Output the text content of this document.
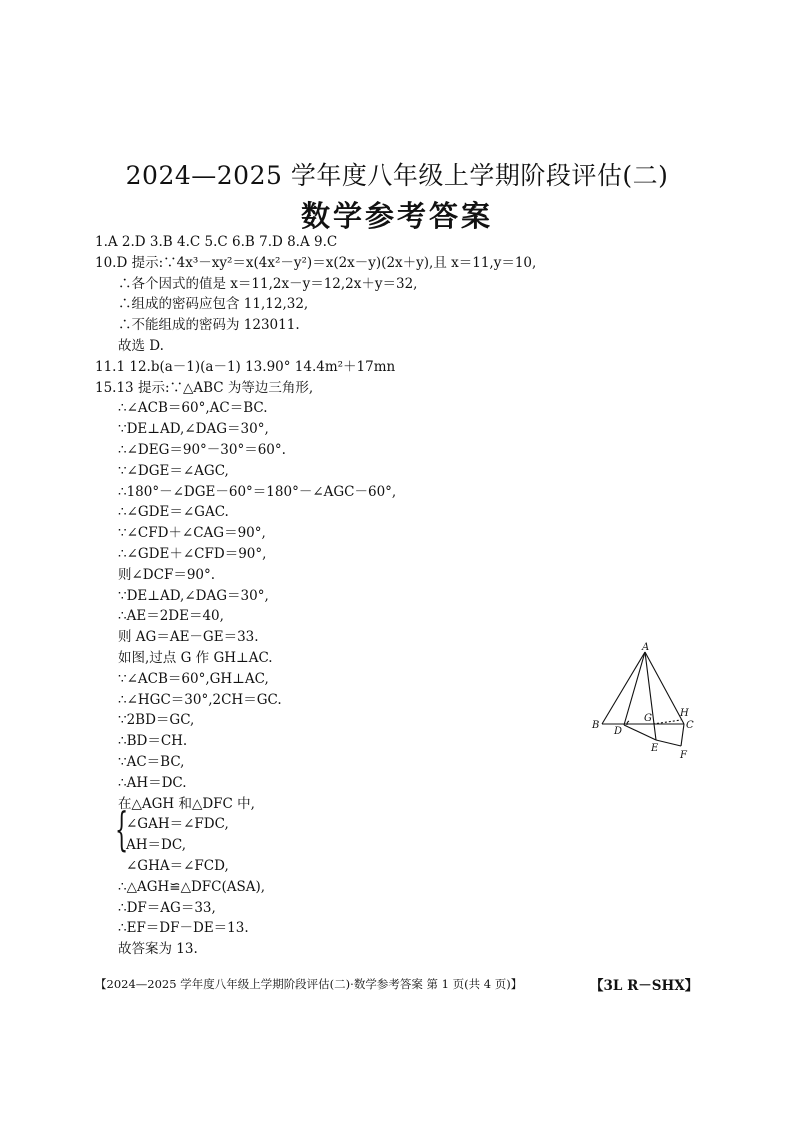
2024—2025 学年度八年级上学期阶段评估(二)
数学参考答案
1.A 2.D 3.B 4.C 5.C 6.B 7.D 8.A 9.C
10.D 提示:∵4x³－xy²＝x(4x²－y²)＝x(2x－y)(2x＋y),且 x＝11,y＝10,
∴各个因式的值是 x＝11,2x－y＝12,2x＋y＝32,
∴组成的密码应包含 11,12,32,
∴不能组成的密码为 123011.
故选 D.
11.1 12.b(a－1)(a－1) 13.90° 14.4m²＋17mn
15.13 提示:∵△ABC 为等边三角形,
∴∠ACB＝60°,AC＝BC.
∵DE⊥AD,∠DAG＝30°,
∴∠DEG＝90°－30°＝60°.
∵∠DGE＝∠AGC,
∴180°－∠DGE－60°＝180°－∠AGC－60°,
∴∠GDE＝∠GAC.
∵∠CFD＋∠CAG＝90°,
∴∠GDE＋∠CFD＝90°,
则∠DCF＝90°.
∵DE⊥AD,∠DAG＝30°,
∴AE＝2DE＝40,
则 AG＝AE－GE＝33.
如图,过点 G 作 GH⊥AC.
∵∠ACB＝60°,GH⊥AC,
∴∠HGC＝30°,2CH＝GC.
∵2BD＝GC,
∴BD＝CH.
∵AC＝BC,
∴AH＝DC.
在△AGH 和△DFC 中,
∠GAH＝∠FDC,
AH＝DC,
∠GHA＝∠FCD,
∴△AGH≌△DFC(ASA),
∴DF＝AG＝33,
∴EF＝DF－DE＝13.
故答案为 13.
{
A
B	C
D
E
F
G	H
【2024—2025 学年度八年级上学期阶段评估(二)·数学参考答案 第 1 页(共 4 页)】	【3L R－SHX】
